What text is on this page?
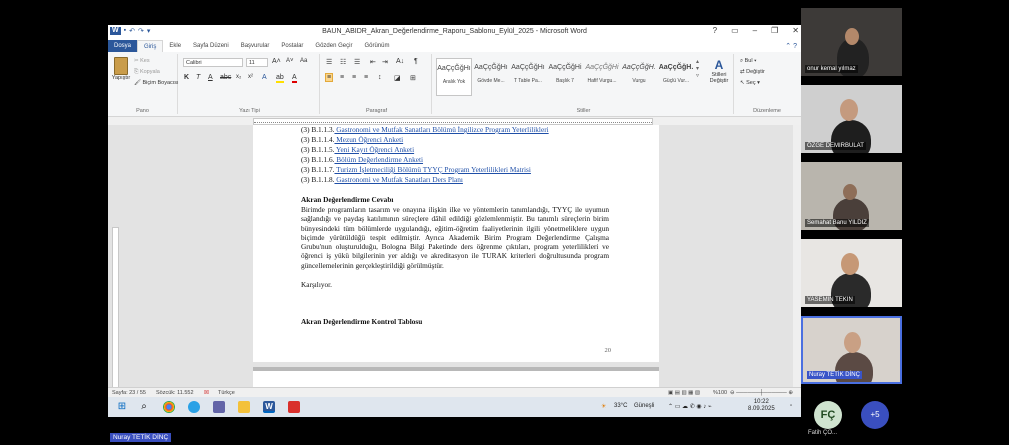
W ▪ ↶ ↷ ▾	BAUN_ABIDR_Akran_Değerlendirme_Raporu_Sablonu_Eylül_2025 - Microsoft Word	? ▭ – ❐ ✕
Dosya	Giriş	Ekle	Sayfa Düzeni	Başvurular	Postalar	Gözden Geçir	Görünüm	⌃ ?
Yapıştır
✂ Kes
⎘ Kopyala
🖌 Biçim Boyacısı
Pano
Calibri	11	A˄ A˅ Aa
K T A abc x₂ x² A ab A
Yazı Tipi
☰ ☷ ☰ ⇤ ⇥ A↓ ¶
≡ ≡ ≡ ≡ ↕ ◪ ⊞
Paragraf
AaÇçĞğHı
Aralık Yok
AaÇçĞğHı
Gövde Me...
AaÇçĞğHı
T Table Pa...
AaÇçĞğHi
Başlık 7
AaÇçĞğHi
Hafif Vurgu...
AaÇçĞğH.
Vurgu
AaÇçĞğH.
Güçlü Vur...
▴
▾
▿
A
Stilleri Değiştir
Stiller
⌕ Bul ▾
⇄ Değiştir
↖ Seç ▾
Düzenleme
(3) B.1.1.3. Gastronomi ve Mutfak Sanatları Bölümü İngilizce Program Yeterlilikleri
(3) B.1.1.4. Mezun Öğrenci Anketi
(3) B.1.1.5. Yeni Kayıt Öğrenci Anketi
(3) B.1.1.6. Bölüm Değerlendirme Anketi
(3) B.1.1.7. Turizm İşletmeciliği Bölümü TYYÇ Program Yeterlilikleri Matrisi
(3) B.1.1.8. Gastronomi ve Mutfak Sanatları Ders Planı
Akran Değerlendirme Cevabı
Birimde programların tasarım ve onayına ilişkin ilke ve yöntemlerin tanımlandığı, TYYÇ ile uyumun sağlandığı ve paydaş katılımının süreçlere dâhil edildiği gözlemlenmiştir. Bu tanımlı süreçlerin birim bünyesindeki tüm bölümlerde uygulandığı, eğitim-öğretim faaliyetlerinin ilgili yönetmeliklere uygun biçimde yürütüldüğü tespit edilmiştir. Ayrıca Akademik Birim Program Değerlendirme Çalışma Grubu'nun oluşturulduğu, Bologna Bilgi Paketinde ders öğrenme çıktıları, program yeterlilikleri ve öğrenci iş yükü bilgilerinin yer aldığı ve akreditasyon ile TURAK kriterleri doğrultusunda program güncellemelerinin gerçekleştirildiği görülmüştür.
Karşılıyor.
Akran Değerlendirme Kontrol Tablosu
20
Sayfa: 23 / 55 Sözcük: 11.552 ☒ Türkçe	▣ ▤ ▥ ▦ ▧ %100 ⊖ ──────┼────── ⊕
⊞	⌕	W	☀ 33°C Güneşli ⌃ ▭ ☁ ✆ ◉ ♪ ⌁
10:22
8.09.2025	▫
onur kemal yılmaz
ÖZGE DEMIRBULAT
Semahat Banu YILDIZ
YASEMIN TEKIN
Nuray TETİK DİNÇ
FÇ
Fatih ÇO...
+5
Nuray TETİK DİNÇ
